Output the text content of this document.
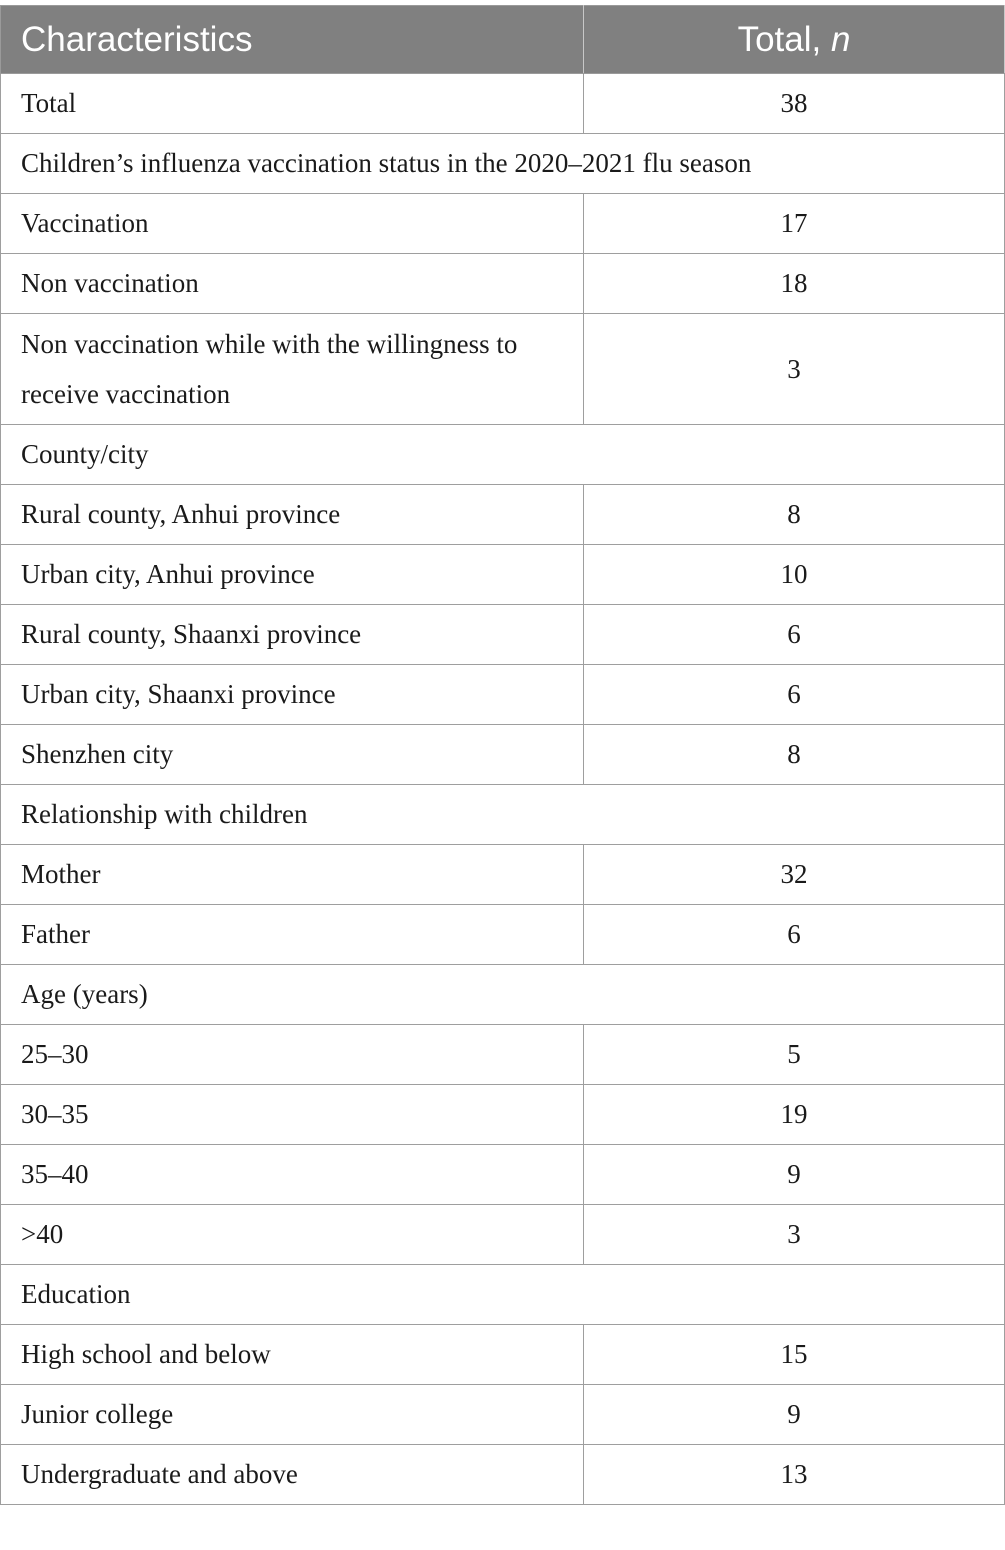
Characteristics	Total, n
Total	38
Children’s influenza vaccination status in the 2020–2021 flu season	
Vaccination	17
Non vaccination	18
Non vaccination while with the willingness to receive vaccination	3
County/city	
Rural county, Anhui province	8
Urban city, Anhui province	10
Rural county, Shaanxi province	6
Urban city, Shaanxi province	6
Shenzhen city	8
Relationship with children	
Mother	32
Father	6
Age (years)	
25–30	5
30–35	19
35–40	9
>40	3
Education	
High school and below	15
Junior college	9
Undergraduate and above	13
